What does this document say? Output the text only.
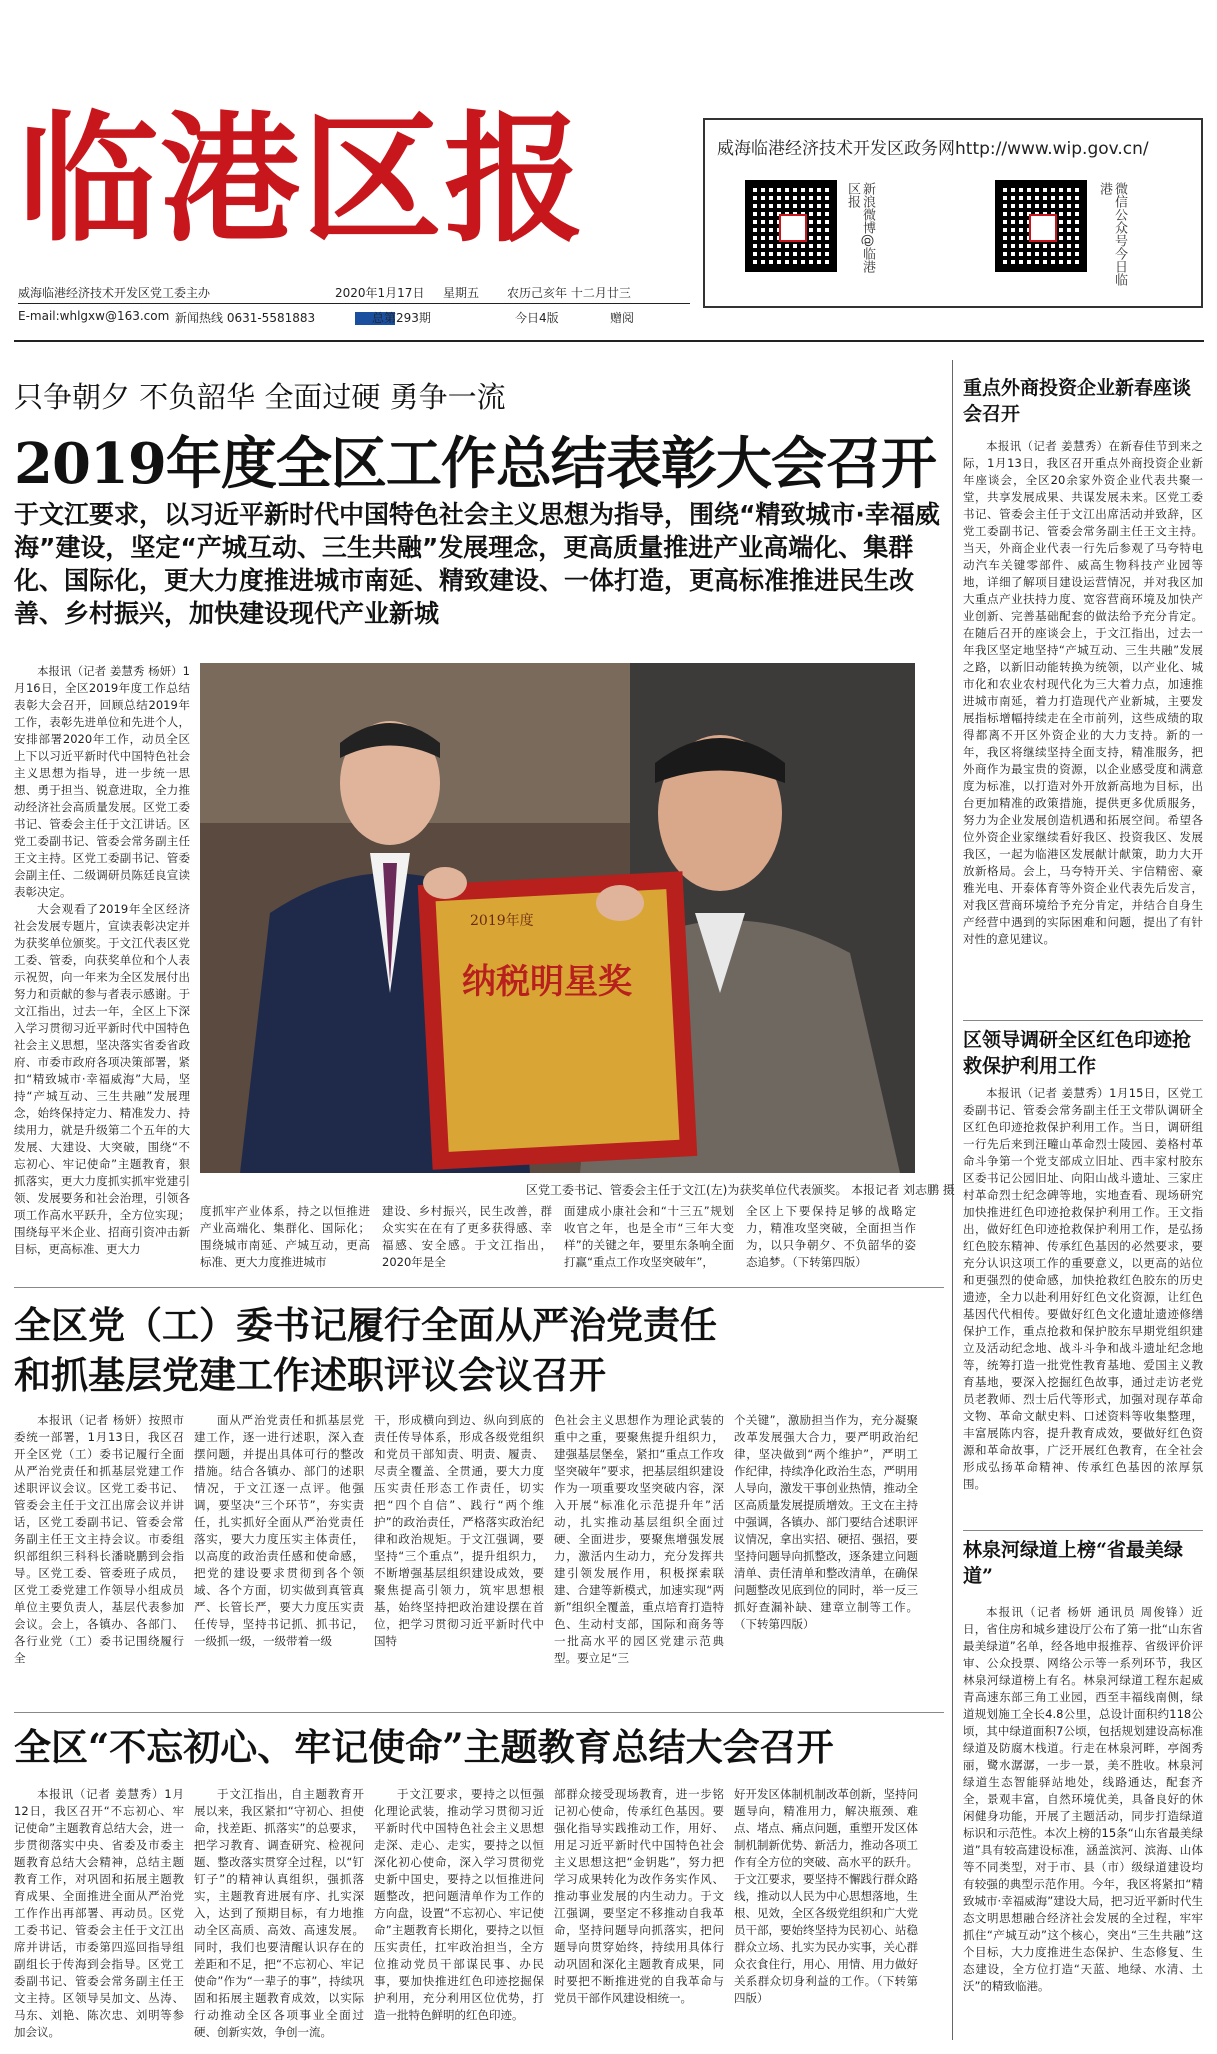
临港区报	威海临港经济技术开发区政务网http://www.wip.gov.cn/
新浪微博@临港区报	微信公众号今日临港
威海临港经济技术开发区党工委主办	2020年1月17日 星期五 农历己亥年 十二月廿三
E-mail:whlgxw@163.com 新闻热线 0631-5581883	总第293期	今日4版	赠阅
只争朝夕 不负韶华 全面过硬 勇争一流
2019年度全区工作总结表彰大会召开
于文江要求，以习近平新时代中国特色社会主义思想为指导，围绕“精致城市·幸福威海”建设，坚定“产城互动、三生共融”发展理念，更高质量推进产业高端化、集群化、国际化，更大力度推进城市南延、精致建设、一体打造，更高标准推进民生改善、乡村振兴，加快建设现代产业新城

本报讯（记者 姜慧秀 杨妍）1月16日，全区2019年度工作总结表彰大会召开，回顾总结2019年工作，表彰先进单位和先进个人，安排部署2020年工作，动员全区上下以习近平新时代中国特色社会主义思想为指导，进一步统一思想、勇于担当、锐意进取，全力推动经济社会高质量发展。区党工委书记、管委会主任于文江讲话。区党工委副书记、管委会常务副主任王文主持。区党工委副书记、管委会副主任、二级调研员陈廷良宣读表彰决定。

大会观看了2019年全区经济社会发展专题片，宣读表彰决定并为获奖单位颁奖。于文江代表区党工委、管委，向获奖单位和个人表示祝贺，向一年来为全区发展付出努力和贡献的参与者表示感谢。于文江指出，过去一年，全区上下深入学习贯彻习近平新时代中国特色社会主义思想，坚决落实省委省政府、市委市政府各项决策部署，紧扣“精致城市·幸福威海”大局，坚持“产城互动、三生共融”发展理念，始终保持定力、精准发力、持续用力，就是升级第二个五年的大发展、大建设、大突破，围绕“不忘初心、牢记使命”主题教育，狠抓落实，更大力度抓实抓牢党建引领、发展要务和社会治理，引领各项工作高水平跃升，全方位实现；围绕每平米企业、招商引资冲击新目标，更高标准、更大力

2019年度
纳税明星奖
区党工委书记、管委会主任于文江(左)为获奖单位代表颁奖。 本报记者 刘志鹏 摄

度抓牢产业体系，持之以恒推进产业高端化、集群化、国际化；围绕城市南延、产城互动，更高标准、更大力度推进城市

建设、乡村振兴，民生改善，群众实实在在有了更多获得感、幸福感、安全感。于文江指出，2020年是全

面建成小康社会和“十三五”规划收官之年，也是全市“三年大变样”的关键之年，要里东条响全面打赢“重点工作攻坚突破年”，

全区上下要保持足够的战略定力，精准攻坚突破，全面担当作为，以只争朝夕、不负韶华的姿态追梦。（下转第四版）

全区党（工）委书记履行全面从严治党责任
和抓基层党建工作述职评议会议召开

本报讯（记者 杨妍）按照市委统一部署，1月13日，我区召开全区党（工）委书记履行全面从严治党责任和抓基层党建工作述职评议会议。区党工委书记、管委会主任于文江出席会议并讲话，区党工委副书记、管委会常务副主任王文主持会议。市委组织部组织三科科长潘晓鹏到会指导。区党工委、管委班子成员，区党工委党建工作领导小组成员单位主要负责人，基层代表参加会议。会上，各镇办、各部门、各行业党（工）委书记围绕履行全

面从严治党责任和抓基层党建工作，逐一进行述职，深入查摆问题，并提出具体可行的整改措施。结合各镇办、部门的述职情况，于文江逐一点评。他强调，要坚决“三个环节”，夯实责任，扎实抓好全面从严治党责任落实，要大力度压实主体责任，以高度的政治责任感和使命感，把党的建设要求贯彻到各个领域、各个方面，切实做到真管真严、长管长严，要大力度压实责任传导，坚持书记抓、抓书记，一级抓一级，一级带着一级

干，形成横向到边、纵向到底的责任传导体系，形成各级党组织和党员干部知责、明责、履责、尽责全覆盖、全贯通，要大力度压实责任形态工作责任，切实把“四个自信”、践行“两个维护”的政治责任，严格落实政治纪律和政治规矩。于文江强调，要坚持“三个重点”，提升组织力，不断增强基层组织建设成效，要聚焦提高引领力，筑牢思想根基，始终坚持把政治建设摆在首位，把学习贯彻习近平新时代中国特

色社会主义思想作为理论武装的重中之重，要聚焦提升组织力，建强基层堡垒，紧扣“重点工作攻坚突破年”要求，把基层组织建设作为一项重要攻坚突破内容，深入开展“标准化示范提升年”活动，扎实推动基层组织全面过硬、全面进步，要聚焦增强发展力，激活内生动力，充分发挥共建引领发展作用，积极探索联建、合建等新模式，加速实现“两新”组织全覆盖，重点培育打造特色、生动村支部，国际和商务等一批高水平的园区党建示范典型。要立足“三

个关键”，激励担当作为，充分凝聚改革发展强大合力，要严明政治纪律，坚决做到“两个维护”，严明工作纪律，持续净化政治生态，严明用人导向，激发干事创业热情，推动全区高质量发展提质增效。王文在主持中强调，各镇办、部门要结合述职评议情况，拿出实招、硬招、强招，要坚持问题导向抓整改，逐条建立问题清单、责任清单和整改清单，在确保问题整改见底到位的同时，举一反三抓好查漏补缺、建章立制等工作。（下转第四版）

全区“不忘初心、牢记使命”主题教育总结大会召开

本报讯（记者 姜慧秀）1月12日，我区召开“不忘初心、牢记使命”主题教育总结大会，进一步贯彻落实中央、省委及市委主题教育总结大会精神，总结主题教育工作，对巩固和拓展主题教育成果、全面推进全面从严治党工作作出再部署、再动员。区党工委书记、管委会主任于文江出席并讲话，市委第四巡回指导组副组长于传海到会指导。区党工委副书记、管委会常务副主任王文主持。区领导吴加文、丛涛、马东、刘艳、陈次忠、刘明等参加会议。

于文江指出，自主题教育开展以来，我区紧扣“守初心、担使命，找差距、抓落实”的总要求，把学习教育、调查研究、检视问题、整改落实贯穿全过程，以“钉钉子”的精神认真组织，强抓落实，主题教育进展有序、扎实深入，达到了预期目标，有力地推动全区高质、高效、高速发展。同时，我们也要清醒认识存在的差距和不足，把“不忘初心、牢记使命”作为“一辈子的事”，持续巩固和拓展主题教育成效，以实际行动推动全区各项事业全面过硬、创新实效，争创一流。

于文江要求，要持之以恒强化理论武装，推动学习贯彻习近平新时代中国特色社会主义思想走深、走心、走实，要持之以恒深化初心使命，深入学习贯彻党史新中国史，要持之以恒推进问题整改，把问题清单作为工作的方向盘，设置“不忘初心、牢记使命”主题教育长期化，要持之以恒压实责任，扛牢政治担当，全方位推动党员干部谋民事、办民事，要加快推进红色印迹挖掘保护利用，充分利用区位优势，打造一批特色鲜明的红色印迹。

部群众接受现场教育，进一步铭记初心使命，传承红色基因。要强化指导实践推动工作，用好、用足习近平新时代中国特色社会主义思想这把“金钥匙”，努力把学习成果转化为改作务实作风、推动事业发展的内生动力。于文江强调，要坚定不移推动自我革命，坚持问题导向抓落实，把问题导向贯穿始终，持续用具体行动巩固和深化主题教育成果，同时要把不断推进党的自我革命与党员干部作风建设相统一。

好开发区体制机制改革创新，坚持问题导向，精准用力，解决瓶颈、难点、堵点、痛点问题，重塑开发区体制机制新优势、新活力，推动各项工作有全方位的突破、高水平的跃升。于文江要求，要坚持不懈践行群众路线，推动以人民为中心思想落地，生根、见效，全区各级党组织和广大党员干部，要始终坚持为民初心、站稳群众立场、扎实为民办实事，关心群众衣食住行，用心、用情、用力做好关系群众切身利益的工作。（下转第四版）

重点外商投资企业新春座谈会召开

本报讯（记者 姜慧秀）在新春佳节到来之际，1月13日，我区召开重点外商投资企业新年座谈会，全区20余家外资企业代表共聚一堂，共享发展成果、共谋发展未来。区党工委书记、管委会主任于文江出席活动并致辞，区党工委副书记、管委会常务副主任王文主持。当天，外商企业代表一行先后参观了马夸特电动汽车关键零部件、威高生物科技产业园等地，详细了解项目建设运营情况，并对我区加大重点产业扶持力度、宽容营商环境及加快产业创新、完善基础配套的做法给予充分肯定。在随后召开的座谈会上，于文江指出，过去一年我区坚定地坚持“产城互动、三生共融”发展之路，以新旧动能转换为统领，以产业化、城市化和农业农村现代化为三大着力点，加速推进城市南延，着力打造现代产业新城，主要发展指标增幅持续走在全市前列，这些成绩的取得都离不开区外资企业的大力支持。新的一年，我区将继续坚持全面支持，精准服务，把外商作为最宝贵的资源，以企业感受度和满意度为标准，以打造对外开放新高地为目标，出台更加精准的政策措施，提供更多优质服务，努力为企业发展创造机遇和拓展空间。希望各位外资企业家继续看好我区、投资我区、发展我区，一起为临港区发展献计献策，助力大开放新格局。会上，马夸特开关、宇信精密、豪雅光电、开泰体育等外资企业代表先后发言，对我区营商环境给予充分肯定，并结合自身生产经营中遇到的实际困难和问题，提出了有针对性的意见建议。

区领导调研全区红色印迹抢救保护利用工作

本报讯（记者 姜慧秀）1月15日，区党工委副书记、管委会常务副主任王文带队调研全区红色印迹抢救保护利用工作。当日，调研组一行先后来到汪疃山革命烈士陵园、姜格村革命斗争第一个党支部成立旧址、西丰家村胶东区委书记公园旧址、向阳山战斗遗址、三家庄村革命烈士纪念碑等地，实地查看、现场研究加快推进红色印迹抢救保护利用工作。王文指出，做好红色印迹抢救保护利用工作，是弘扬红色胶东精神、传承红色基因的必然要求，要充分认识这项工作的重要意义，以更高的站位和更强烈的使命感，加快抢救红色胶东的历史遗迹，全力以赴利用好红色文化资源，让红色基因代代相传。要做好红色文化遗址遗迹修缮保护工作，重点抢救和保护胶东早期党组织建立及活动纪念地、战斗斗争和战斗遗址纪念地等，统筹打造一批党性教育基地、爱国主义教育基地，要深入挖掘红色故事，通过走访老党员老教师、烈士后代等形式，加强对现存革命文物、革命文献史料、口述资料等收集整理，丰富展陈内容，提升教育成效，要做好红色资源和革命故事，广泛开展红色教育，在全社会形成弘扬革命精神、传承红色基因的浓厚氛围。

林泉河绿道上榜“省最美绿道”

本报讯（记者 杨妍 通讯员 周俊锋）近日，省住房和城乡建设厅公布了第一批“山东省最美绿道”名单，经各地申报推荐、省级评价评审、公众投票、网络公示等一系列环节，我区林泉河绿道榜上有名。林泉河绿道工程东起威青高速东部三角工业园，西至丰福线南侧，绿道规划施工全长4.8公里，总设计面积约118公顷，其中绿道面积7公顷，包括规划建设高标准绿道及防腐木栈道。行走在林泉河畔，亭阁秀丽，鹭水潺潺，一步一景，美不胜收。林泉河绿道生态智能驿站地处，线路通达，配套齐全，景观丰富，自然环境优美，具备良好的休闲健身功能，开展了主题活动，同步打造绿道标识和示范性。本次上榜的15条“山东省最美绿道”具有较高建设标准，涵盖滨河、滨海、山体等不同类型，对于市、县（市）级绿道建设均有较强的典型示范作用。今年，我区将紧扣“精致城市·幸福威海”建设大局，把习近平新时代生态文明思想融合经济社会发展的全过程，牢牢抓住“产城互动”这个核心，突出“三生共融”这个目标，大力度推进生态保护、生态修复、生态建设，全方位打造“天蓝、地绿、水清、土沃”的精致临港。
